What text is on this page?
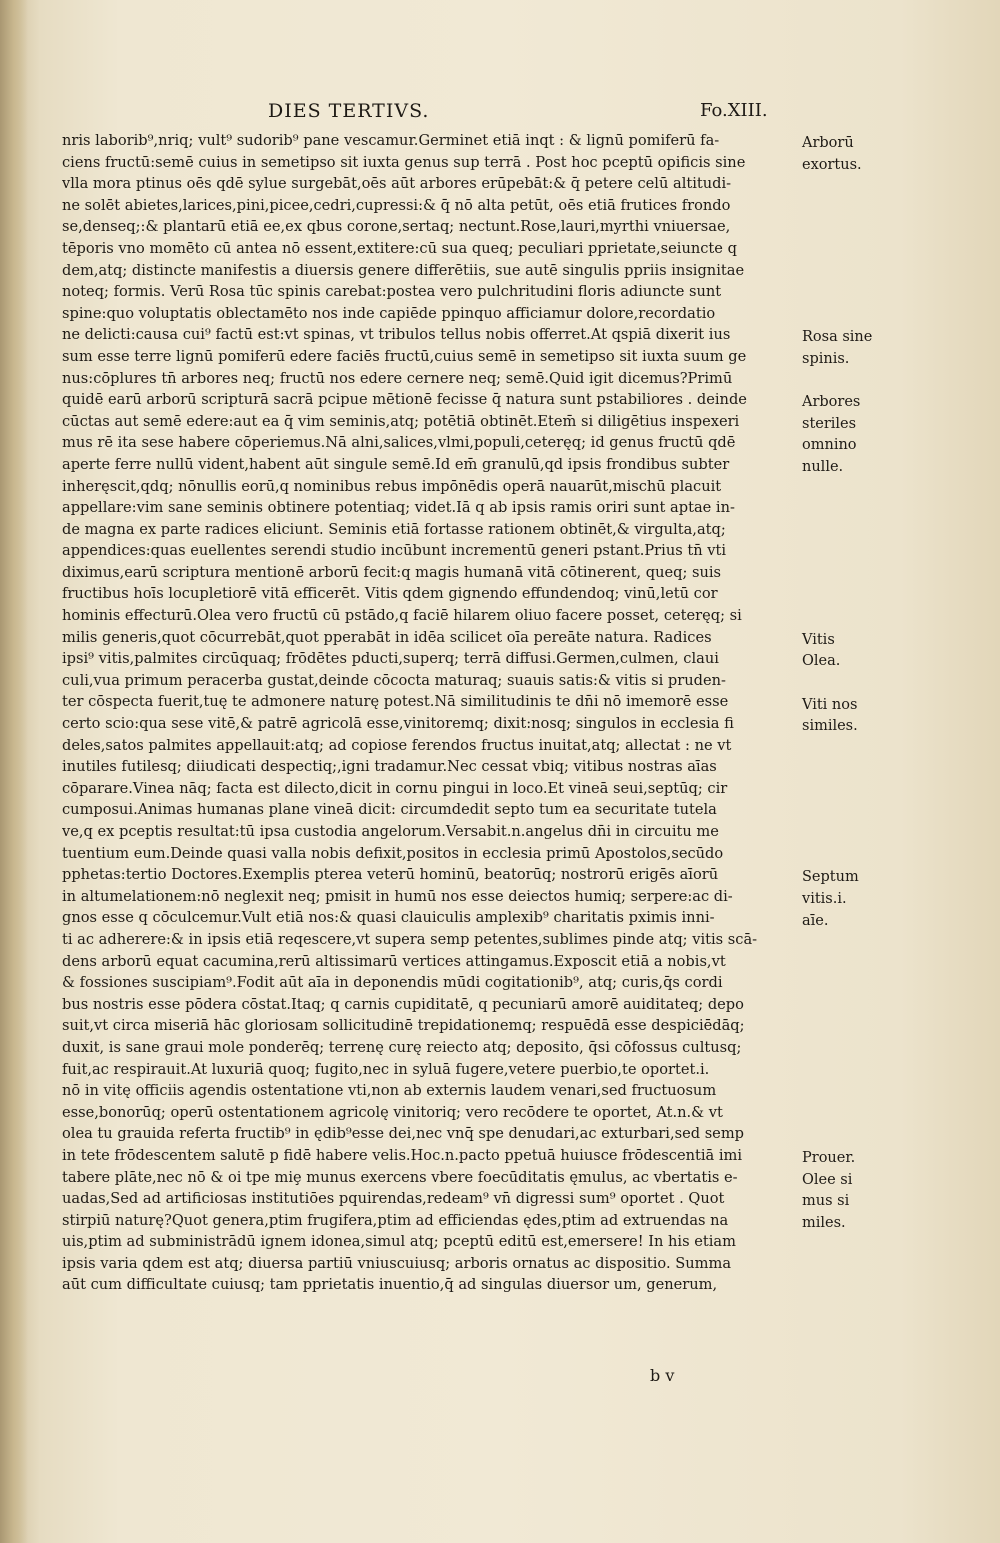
DIES TERTIVS.	Fo.XIII.
nris laborib⁹,nriq; vult⁹ sudorib⁹ pane vescamur.Germinet etiā inqt : & lignū pomiferū fa-
ciens fructū:semē cuius in semetipso sit iuxta genus sup terrā . Post hoc pceptū opificis sine
vlla mora ptinus oēs qdē sylue surgebāt,oēs aūt arbores erūpebāt:& q̄ petere celū altitudi-
ne solēt abietes,larices,pini,picee,cedri,cupressi:& q̄ nō alta petūt, oēs etiā frutices frondo
se,denseq;:& plantarū etiā ee,ex qbus corone,sertaq; nectunt.Rose,lauri,myrthi vniuersae,
tēporis vno momēto cū antea nō essent,extitere:cū sua queq; peculiari pprietate,seiuncte q
dem,atq; distincte manifestis a diuersis genere differētiis, sue autē singulis ppriis insignitae
noteq; formis. Verū Rosa tūc spinis carebat:postea vero pulchritudini floris adiuncte sunt
spine:quo voluptatis oblectamēto nos inde capiēde ppinquo afficiamur dolore,recordatio
ne delicti:causa cui⁹ factū est:vt spinas, vt tribulos tellus nobis offerret.At qspiā dixerit ius
sum esse terre lignū pomiferū edere faciēs fructū,cuius semē in semetipso sit iuxta suum ge
nus:cōplures tn̄ arbores neq; fructū nos edere cernere neq; semē.Quid igit dicemus?Primū
quidē earū arborū scripturā sacrā pcipue mētionē fecisse q̄ natura sunt pstabiliores . deinde
cūctas aut semē edere:aut ea q̄ vim seminis,atq; potētiā obtinēt.Etem̄ si diligētius inspexeri
mus rē ita sese habere cōperiemus.Nā alni,salices,vlmi,populi,ceteręq; id genus fructū qdē
aperte ferre nullū vident,habent aūt singule semē.Id em̄ granulū,qd ipsis frondibus subter
inheręscit,qdq; nōnullis eorū,q nominibus rebus impōnēdis operā nauarūt,mischū placuit
appellare:vim sane seminis obtinere potentiaq; videt.Iā q ab ipsis ramis oriri sunt aptae in-
de magna ex parte radices eliciunt. Seminis etiā fortasse rationem obtinēt,& virgulta,atq;
appendices:quas euellentes serendi studio incūbunt incrementū generi pstant.Prius tn̄ vti
diximus,earū scriptura mentionē arborū fecit:q magis humanā vitā cōtinerent, queq; suis
fructibus hoīs locupletiorē vitā efficerēt. Vitis qdem gignendo effundendoq; vinū,letū cor
hominis effecturū.Olea vero fructū cū pstādo,q faciē hilarem oliuo facere posset, ceteręq; si
milis generis,quot cōcurrebāt,quot pperabāt in idēa scilicet oīa pereāte natura. Radices
ipsi⁹ vitis,palmites circūquaq; frōdētes pducti,superq; terrā diffusi.Germen,culmen, claui
culi,vua primum peracerba gustat,deinde cōcocta maturaq; suauis satis:& vitis si pruden-
ter cōspecta fuerit,tuę te admonere naturę potest.Nā similitudinis te dn̄i nō imemorē esse
certo scio:qua sese vitē,& patrē agricolā esse,vinitoremq; dixit:nosq; singulos in ecclesia fi
deles,satos palmites appellauit:atq; ad copiose ferendos fructus inuitat,atq; allectat : ne vt
inutiles futilesq; diiudicati despectiq;,igni tradamur.Nec cessat vbiq; vitibus nostras aīas
cōparare.Vinea nāq; facta est dilecto,dicit in cornu pingui in loco.Et vineā seui,septūq; cir
cumposui.Animas humanas plane vineā dicit: circumdedit septo tum ea securitate tutela
ve,q ex pceptis resultat:tū ipsa custodia angelorum.Versabit.n.angelus dn̄i in circuitu me
tuentium eum.Deinde quasi valla nobis defixit,positos in ecclesia primū Apostolos,secūdo
pphetas:tertio Doctores.Exemplis pterea veterū hominū, beatorūq; nostrorū erigēs aīorū
in altumelationem:nō neglexit neq; pmisit in humū nos esse deiectos humiq; serpere:ac di-
gnos esse q cōculcemur.Vult etiā nos:& quasi clauiculis amplexib⁹ charitatis pximis inni-
ti ac adherere:& in ipsis etiā reqescere,vt supera semp petentes,sublimes pinde atq; vitis scā-
dens arborū equat cacumina,rerū altissimarū vertices attingamus.Exposcit etiā a nobis,vt
& fossiones suscipiam⁹.Fodit aūt aīa in deponendis mūdi cogitationib⁹, atq; curis,q̄s cordi
bus nostris esse pōdera cōstat.Itaq; q carnis cupiditatē, q pecuniarū amorē auiditateq; depo
suit,vt circa miseriā hāc gloriosam sollicitudinē trepidationemq; respuēdā esse despiciēdāq;
duxit, is sane graui mole ponderēq; terrenę curę reiecto atq; deposito, q̄si cōfossus cultusq;
fuit,ac respirauit.At luxuriā quoq; fugito,nec in syluā fugere,vetere puerbio,te oportet.i.
nō in vitę officiis agendis ostentatione vti,non ab externis laudem venari,sed fructuosum
esse,bonorūq; operū ostentationem agricolę vinitoriq; vero recōdere te oportet, At.n.& vt
olea tu grauida referta fructib⁹ in ędib⁹esse dei,nec vnq̄ spe denudari,ac exturbari,sed semp
in tete frōdescentem salutē p fidē habere velis.Hoc.n.pacto ppetuā huiusce frōdescentiā imi
tabere plāte,nec nō & oi tpe miȩ munus exercens vbere foecūditatis ęmulus, ac vbertatis e-
uadas,Sed ad artificiosas institutiōes pquirendas,redeam⁹ vn̄ digressi sum⁹ oportet . Quot
stirpiū naturę?Quot genera,ptim frugifera,ptim ad efficiendas ędes,ptim ad extruendas na
uis,ptim ad subministrādū ignem idonea,simul atq; pceptū editū est,emersere! In his etiam
ipsis varia qdem est atq; diuersa partiū vniuscuiusq; arboris ornatus ac dispositio. Summa
aūt cum difficultate cuiusq; tam pprietatis inuentio,q̄ ad singulas diuersor um, generum,
Arborū
exortus.
Rosa sine
spinis.
Arbores
steriles
omnino
nulle.
Vitis
Olea.
Viti nos
similes.
Septum
vitis.i.
aīe.
Prouer.
Olee si
mus si
miles.
b v
